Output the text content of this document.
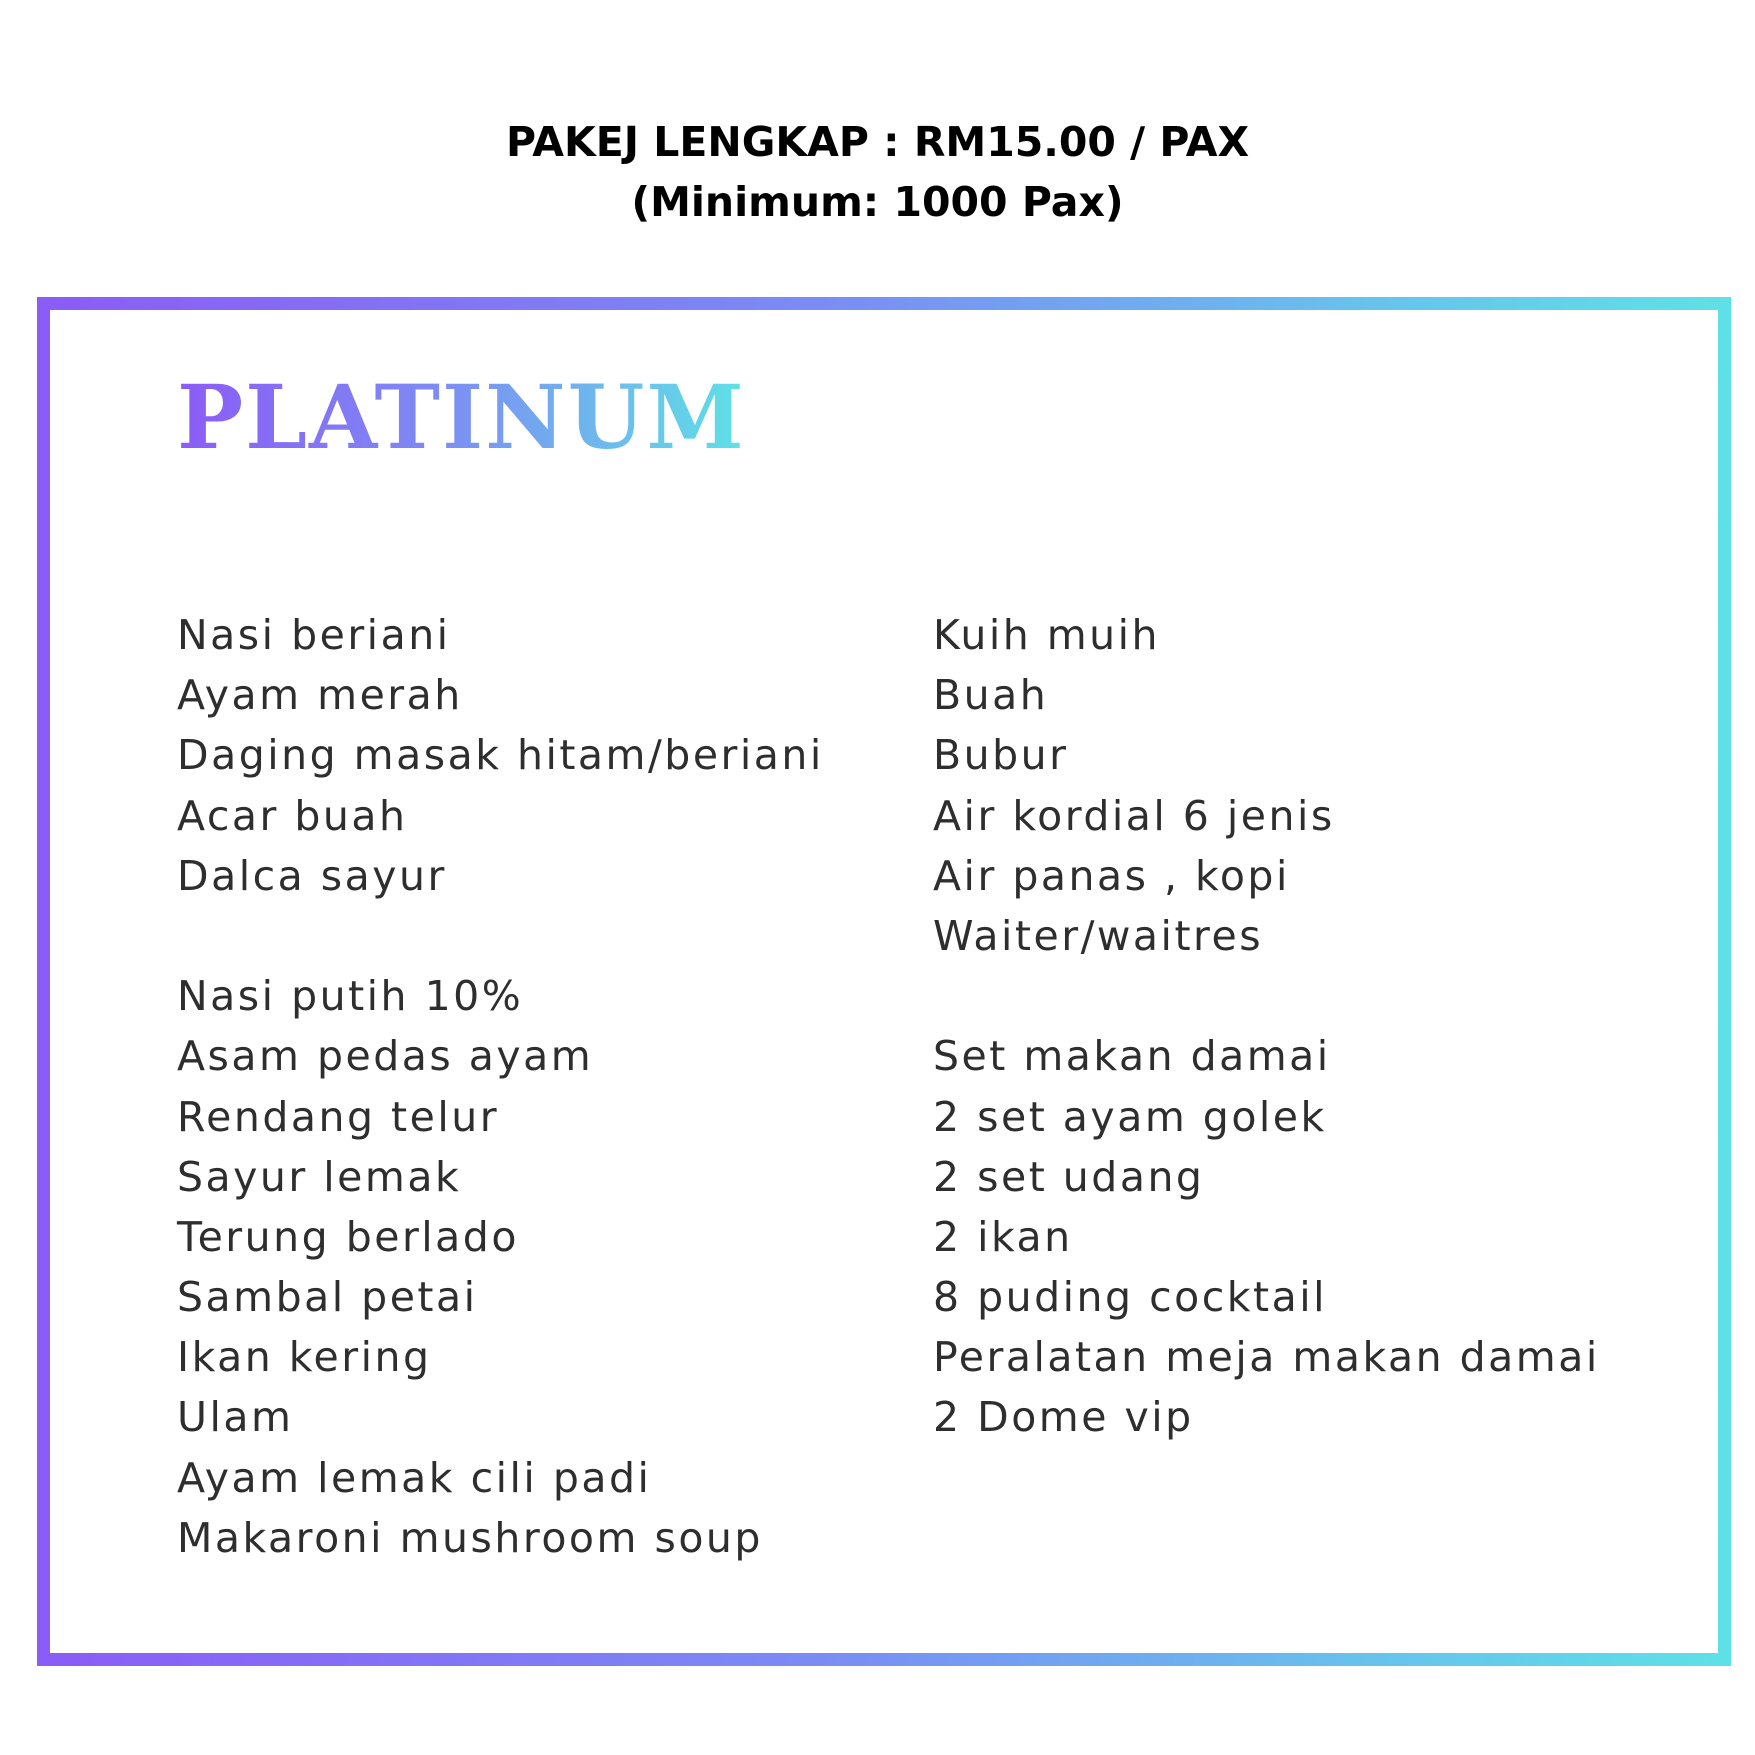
PAKEJ LENGKAP : RM15.00 / PAX
(Minimum: 1000 Pax)
PLATINUM
Nasi beriani
Ayam merah
Daging masak hitam/beriani
Acar buah
Dalca sayur
Nasi putih 10%
Asam pedas ayam
Rendang telur
Sayur lemak
Terung berlado
Sambal petai
Ikan kering
Ulam
Ayam lemak cili padi
Makaroni mushroom soup
Kuih muih
Buah
Bubur
Air kordial 6 jenis
Air panas , kopi
Waiter/waitres
Set makan damai
2 set ayam golek
2 set udang
2 ikan
8 puding cocktail
Peralatan meja makan damai
2 Dome vip
